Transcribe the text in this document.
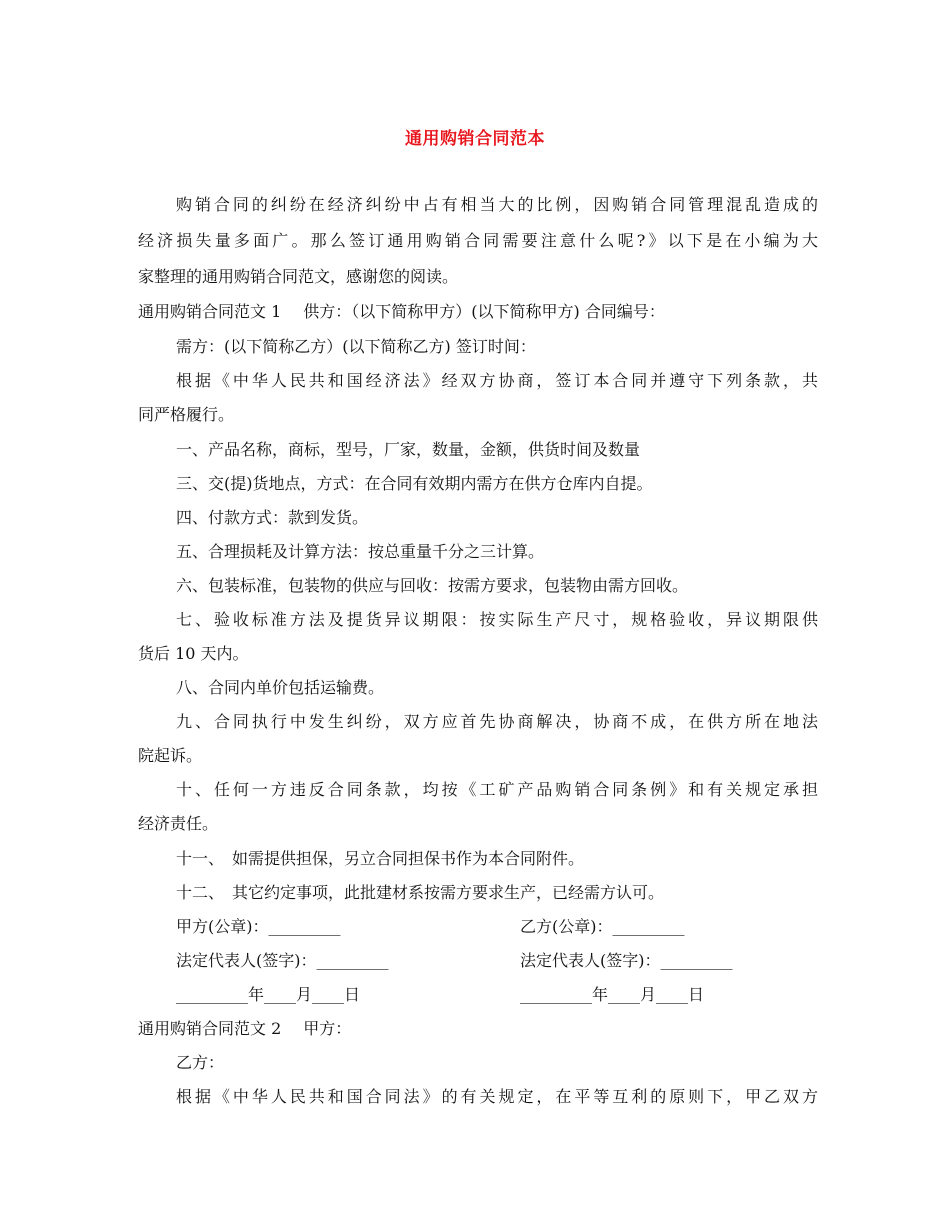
通用购销合同范本
购销合同的纠纷在经济纠纷中占有相当大的比例，因购销合同管理混乱造成的
经济损失量多面广。那么签订通用购销合同需要注意什么呢?》以下是在小编为大
家整理的通用购销合同范文，感谢您的阅读。
通用购销合同范文 1 供方：（以下简称甲方）(以下简称甲方) 合同编号：
需方：(以下简称乙方）(以下简称乙方) 签订时间：
根据《中华人民共和国经济法》经双方协商，签订本合同并遵守下列条款，共
同严格履行。
一、产品名称，商标，型号，厂家，数量，金额，供货时间及数量
三、交(提)货地点，方式：在合同有效期内需方在供方仓库内自提。
四、付款方式：款到发货。
五、合理损耗及计算方法：按总重量千分之三计算。
六、包装标准，包装物的供应与回收：按需方要求，包装物由需方回收。
七、验收标准方法及提货异议期限：按实际生产尺寸，规格验收，异议期限供
货后 10 天内。
八、合同内单价包括运输费。
九、合同执行中发生纠纷，双方应首先协商解决，协商不成，在供方所在地法
院起诉。
十、任何一方违反合同条款，均按《工矿产品购销合同条例》和有关规定承担
经济责任。
十一、　如需提供担保，另立合同担保书作为本合同附件。
十二、　其它约定事项，此批建材系按需方要求生产，已经需方认可。
甲方(公章)：_________	乙方(公章)：_________
法定代表人(签字)：_________	法定代表人(签字)：_________
_________年____月____日	_________年____月____日
通用购销合同范文 2 甲方：
乙方：
根据《中华人民共和国合同法》的有关规定，在平等互利的原则下，甲乙双方
